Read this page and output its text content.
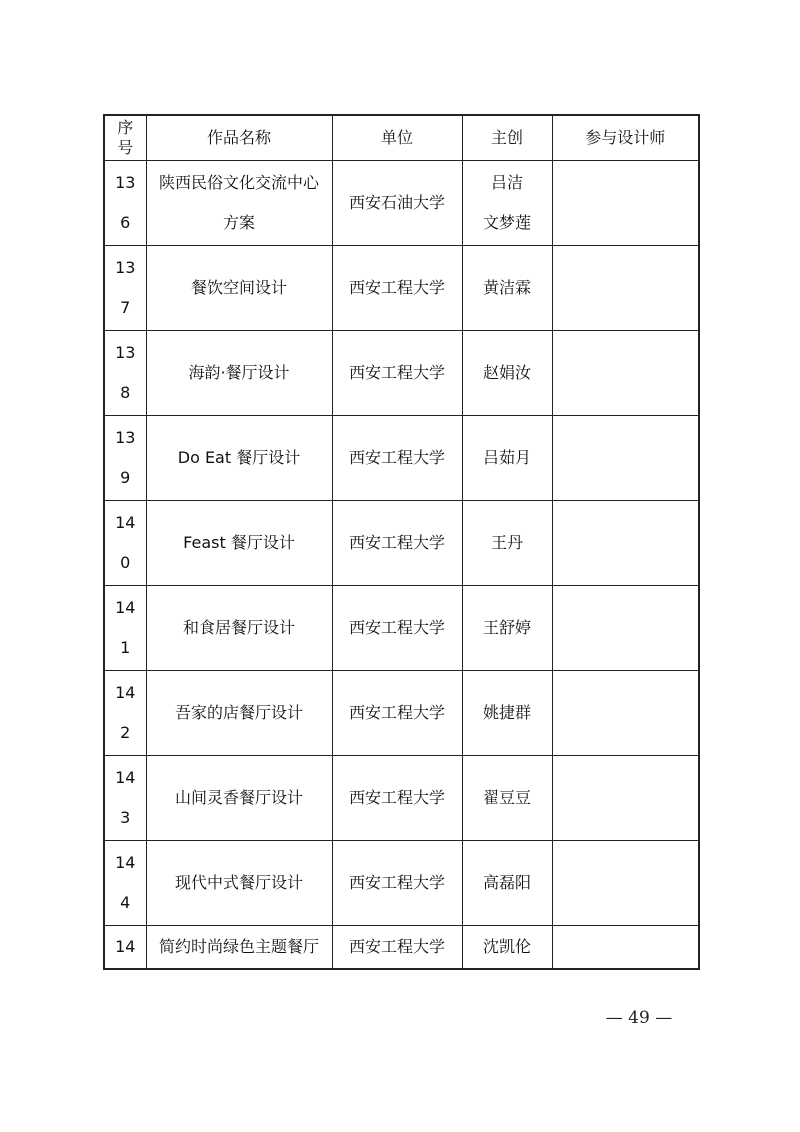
序
号	作品名称	单位	主创	参与设计师

13
6	陕西民俗文化交流中心
方案	西安石油大学	吕洁
文梦莲	

13
7	餐饮空间设计	西安工程大学	黄洁霖	

13
8	海韵·餐厅设计	西安工程大学	赵娟汝	

13
9	Do Eat 餐厅设计	西安工程大学	吕茹月	

14
0	Feast 餐厅设计	西安工程大学	王丹	

14
1	和食居餐厅设计	西安工程大学	王舒婷	

14
2	吾家的店餐厅设计	西安工程大学	姚捷群	

14
3	山间灵香餐厅设计	西安工程大学	翟豆豆	

14
4	现代中式餐厅设计	西安工程大学	高磊阳	

14	简约时尚绿色主题餐厅	西安工程大学	沈凯伦	

— 49 —
